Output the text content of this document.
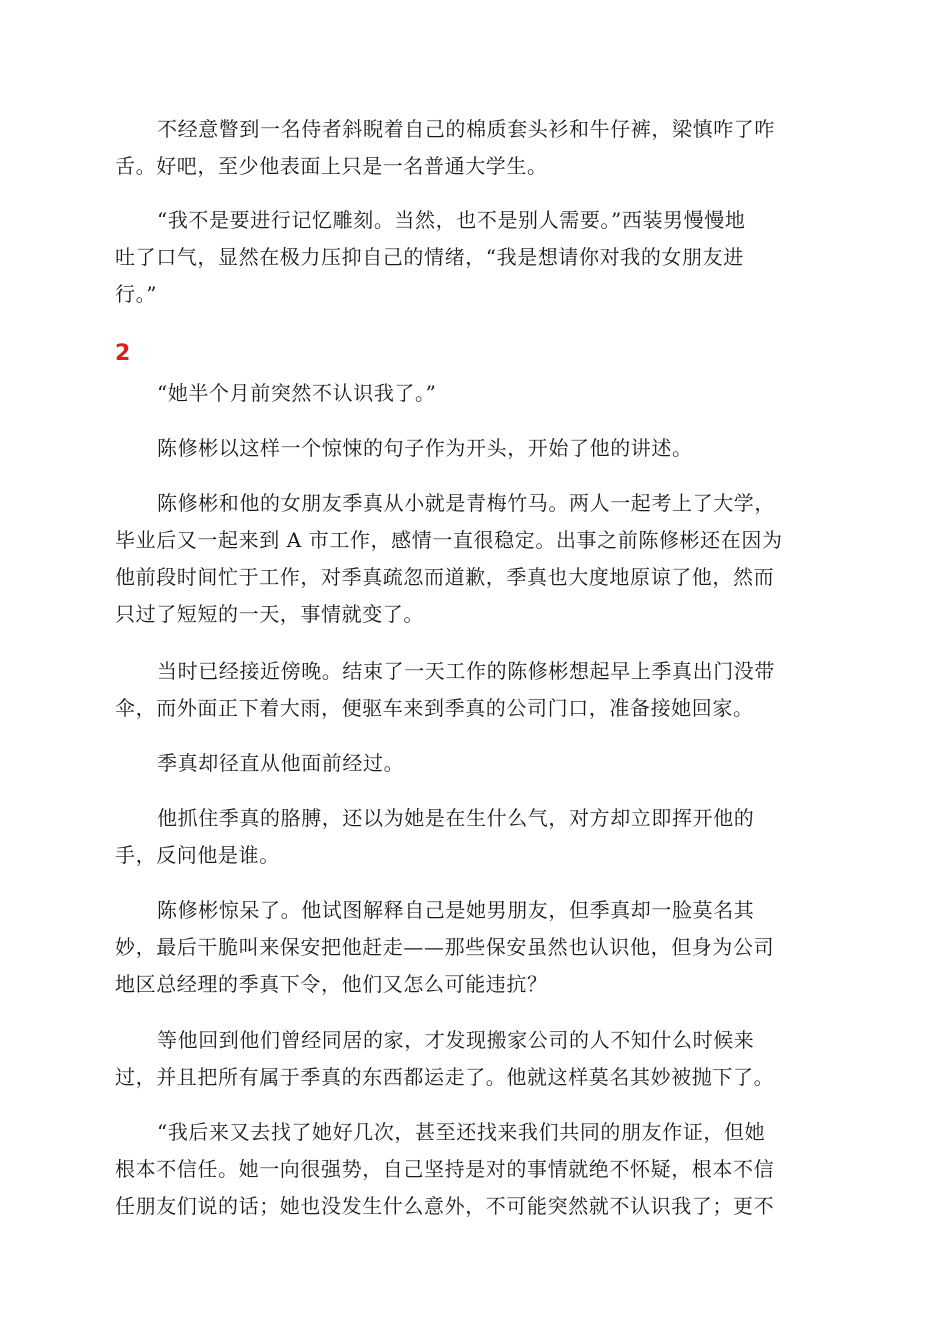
不经意瞥到一名侍者斜睨着自己的棉质套头衫和牛仔裤，梁慎咋了咋
舌。好吧，至少他表面上只是一名普通大学生。
“我不是要进行记忆雕刻。当然，也不是别人需要。”西装男慢慢地
吐了口气，显然在极力压抑自己的情绪，“我是想请你对我的女朋友进
行。”
2
“她半个月前突然不认识我了。”
陈修彬以这样一个惊悚的句子作为开头，开始了他的讲述。
陈修彬和他的女朋友季真从小就是青梅竹马。两人一起考上了大学，
毕业后又一起来到 A 市工作，感情一直很稳定。出事之前陈修彬还在因为
他前段时间忙于工作，对季真疏忽而道歉，季真也大度地原谅了他，然而
只过了短短的一天，事情就变了。
当时已经接近傍晚。结束了一天工作的陈修彬想起早上季真出门没带
伞，而外面正下着大雨，便驱车来到季真的公司门口，准备接她回家。
季真却径直从他面前经过。
他抓住季真的胳膊，还以为她是在生什么气，对方却立即挥开他的
手，反问他是谁。
陈修彬惊呆了。他试图解释自己是她男朋友，但季真却一脸莫名其
妙，最后干脆叫来保安把他赶走——那些保安虽然也认识他，但身为公司
地区总经理的季真下令，他们又怎么可能违抗？
等他回到他们曾经同居的家，才发现搬家公司的人不知什么时候来
过，并且把所有属于季真的东西都运走了。他就这样莫名其妙被抛下了。
“我后来又去找了她好几次，甚至还找来我们共同的朋友作证，但她
根本不信任。她一向很强势，自己坚持是对的事情就绝不怀疑，根本不信
任朋友们说的话；她也没发生什么意外，不可能突然就不认识我了；更不
